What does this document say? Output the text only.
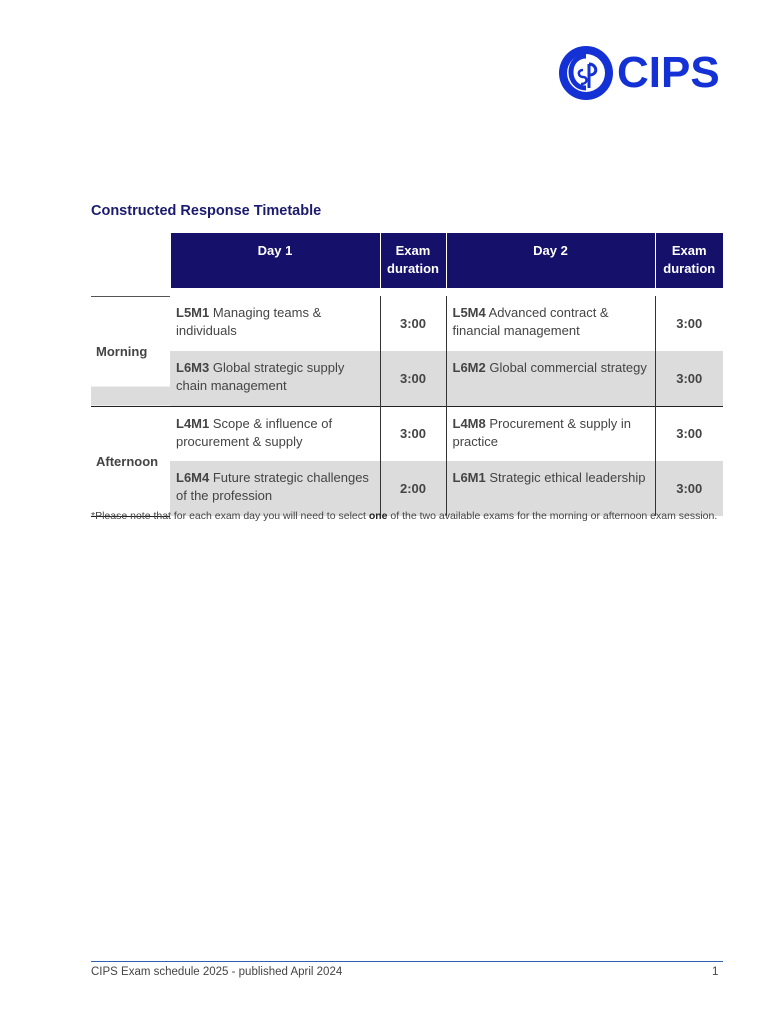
CIPS
Constructed Response Timetable
	Day 1	Exam duration	Day 2	Exam duration

Morning	L5M1 Managing teams & individuals	3:00	L5M4 Advanced contract & financial management	3:00
	L6M3 Global strategic supply chain management	3:00	L6M2 Global commercial strategy	3:00
Afternoon	L4M1 Scope & influence of procurement & supply	3:00	L4M8 Procurement & supply in practice	3:00
	L6M4 Future strategic challenges of the profession	2:00	L6M1 Strategic ethical leadership	3:00
*Please note that for each exam day you will need to select one of the two available exams for the morning or afternoon exam session.
CIPS Exam schedule 2025 - published April 2024	1
